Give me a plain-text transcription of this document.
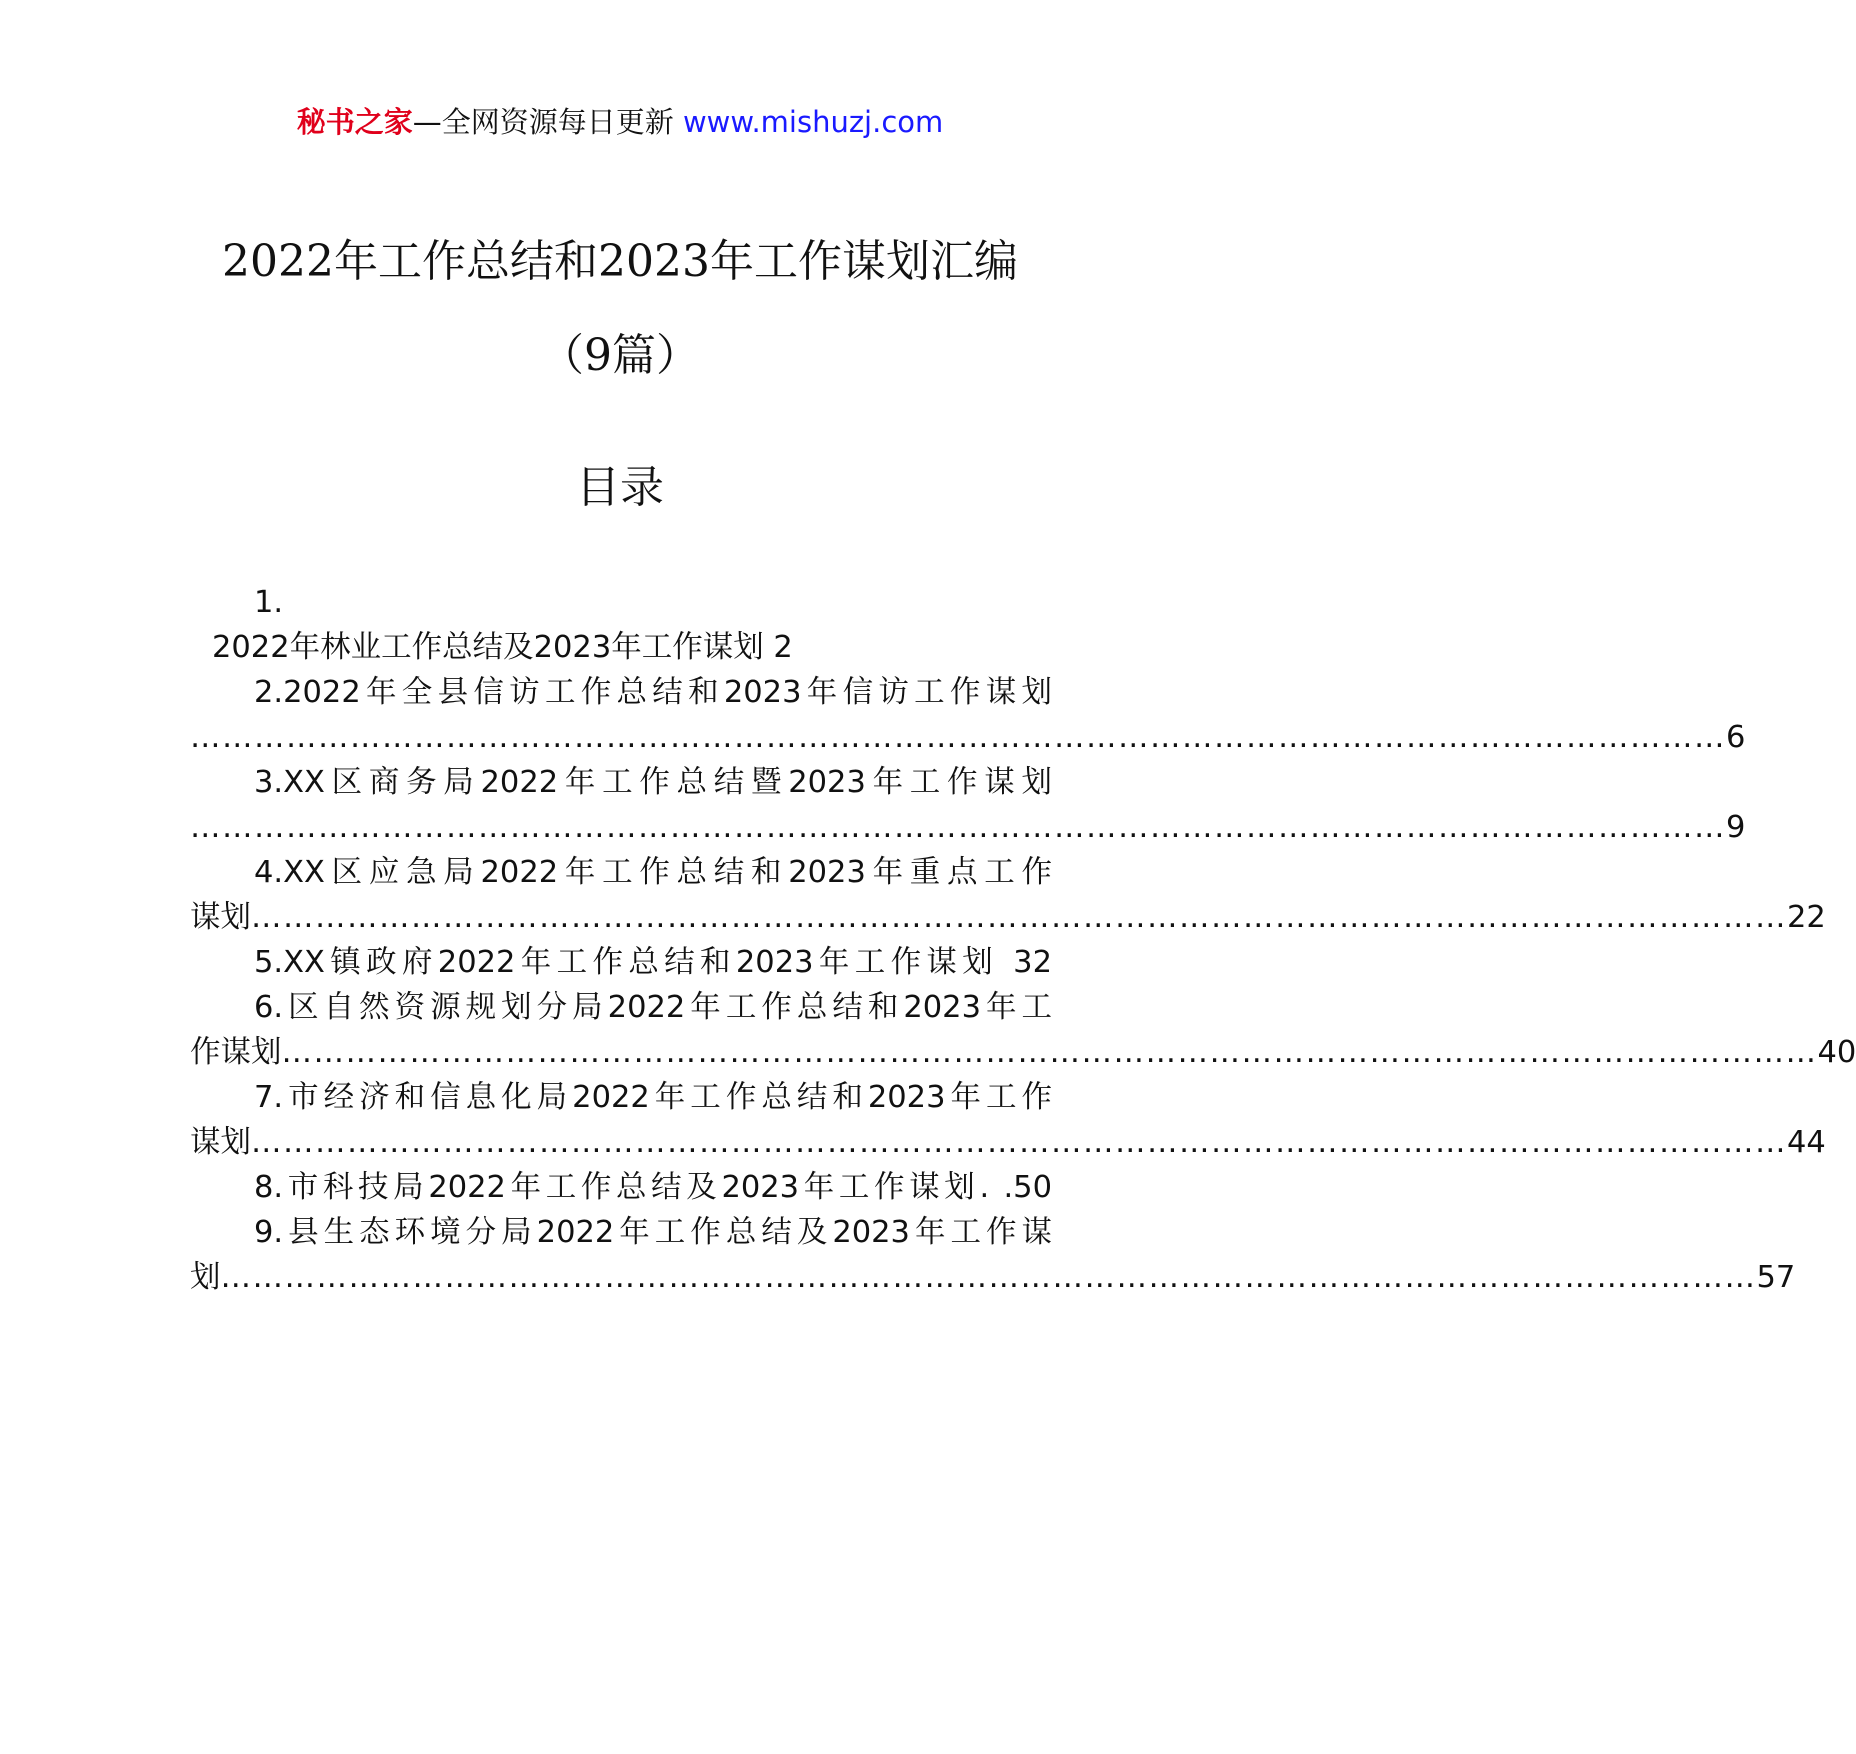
秘书之家—全网资源每日更新 www.mishuzj.com
2022年工作总结和2023年工作谋划汇编
（9篇）
目录
1.
2022年林业工作总结及2023年工作谋划 2
2.2022年全县信访工作总结和2023年信访工作谋划
……………………………………………………………………………………………………………………………… 6
3.XX区商务局2022年工作总结暨2023年工作谋划
……………………………………………………………………………………………………………………………… 9
4.XX区应急局2022年工作总结和2023年重点工作
谋划 ……………………………………………………………………………………………………………………………… 22
5.XX镇政府2022年工作总结和2023年工作谋划 32
6.区自然资源规划分局2022年工作总结和2023年工
作谋划 ……………………………………………………………………………………………………………………………… 40
7.市经济和信息化局2022年工作总结和2023年工作
谋划 ……………………………………………………………………………………………………………………………… 44
8.市科技局2022年工作总结及2023年工作谋划. .50
9.县生态环境分局2022年工作总结及2023年工作谋
划 ……………………………………………………………………………………………………………………………… 57
